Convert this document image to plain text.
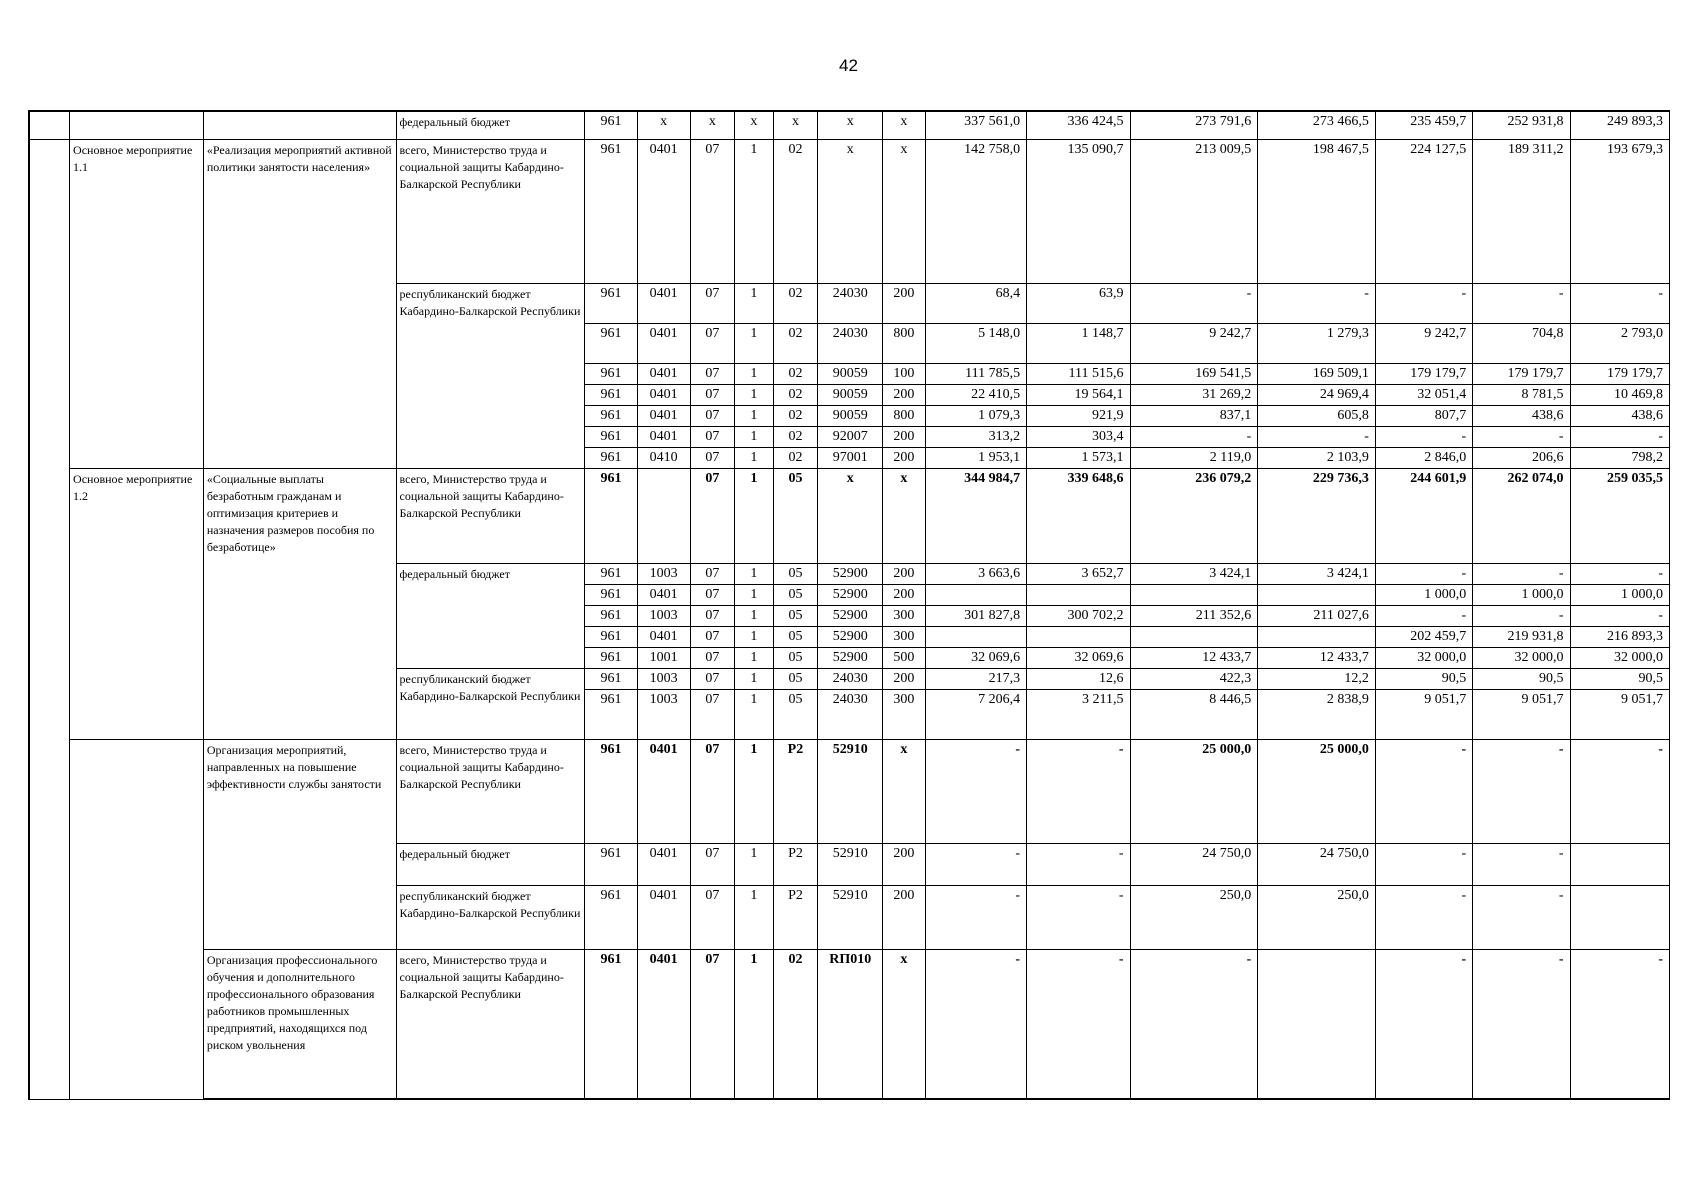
42
			федеральный бюджет	961	x	x	x	x	x	x	337 561,0	336 424,5	273 791,6	273 466,5	235 459,7	252 931,8	249 893,3
	Основное мероприятие 1.1	«Реализация мероприятий активной политики занятости населения»	всего, Министерство труда и социальной защиты Кабардино-Балкарской Республики	961	0401	07	1	02	x	x	142 758,0	135 090,7	213 009,5	198 467,5	224 127,5	189 311,2	193 679,3
			республиканский бюджет Кабардино-Балкарской Республики	961	0401	07	1	02	24030	200	68,4	63,9	-	-	-	-	-
				961	0401	07	1	02	24030	800	5 148,0	1 148,7	9 242,7	1 279,3	9 242,7	704,8	2 793,0
				961	0401	07	1	02	90059	100	111 785,5	111 515,6	169 541,5	169 509,1	179 179,7	179 179,7	179 179,7
				961	0401	07	1	02	90059	200	22 410,5	19 564,1	31 269,2	24 969,4	32 051,4	8 781,5	10 469,8
				961	0401	07	1	02	90059	800	1 079,3	921,9	837,1	605,8	807,7	438,6	438,6
				961	0401	07	1	02	92007	200	313,2	303,4	-	-	-	-	-
				961	0410	07	1	02	97001	200	1 953,1	1 573,1	2 119,0	2 103,9	2 846,0	206,6	798,2
	Основное мероприятие 1.2	«Социальные выплаты безработным гражданам и оптимизация критериев и назначения размеров пособия по безработице»	всего, Министерство труда и социальной защиты Кабардино-Балкарской Республики	961		07	1	05	x	x	344 984,7	339 648,6	236 079,2	229 736,3	244 601,9	262 074,0	259 035,5
			федеральный бюджет	961	1003	07	1	05	52900	200	3 663,6	3 652,7	3 424,1	3 424,1	-	-	-
				961	0401	07	1	05	52900	200					1 000,0	1 000,0	1 000,0
				961	1003	07	1	05	52900	300	301 827,8	300 702,2	211 352,6	211 027,6	-	-	-
				961	0401	07	1	05	52900	300					202 459,7	219 931,8	216 893,3
				961	1001	07	1	05	52900	500	32 069,6	32 069,6	12 433,7	12 433,7	32 000,0	32 000,0	32 000,0
			республиканский бюджет Кабардино-Балкарской Республики	961	1003	07	1	05	24030	200	217,3	12,6	422,3	12,2	90,5	90,5	90,5
				961	1003	07	1	05	24030	300	7 206,4	3 211,5	8 446,5	2 838,9	9 051,7	9 051,7	9 051,7
		Организация мероприятий, направленных на повышение эффективности службы занятости	всего, Министерство труда и социальной защиты Кабардино-Балкарской Республики	961	0401	07	1	P2	52910	x	-	-	25 000,0	25 000,0	-	-	-
			федеральный бюджет	961	0401	07	1	P2	52910	200	-	-	24 750,0	24 750,0	-	-	
			республиканский бюджет Кабардино-Балкарской Республики	961	0401	07	1	P2	52910	200	-	-	250,0	250,0	-	-	
		Организация профессионального обучения и дополнительного профессионального образования работников промышленных предприятий, находящихся под риском увольнения	всего, Министерство труда и социальной защиты Кабардино-Балкарской Республики	961	0401	07	1	02	RП010	x	-	-	-		-	-	-
